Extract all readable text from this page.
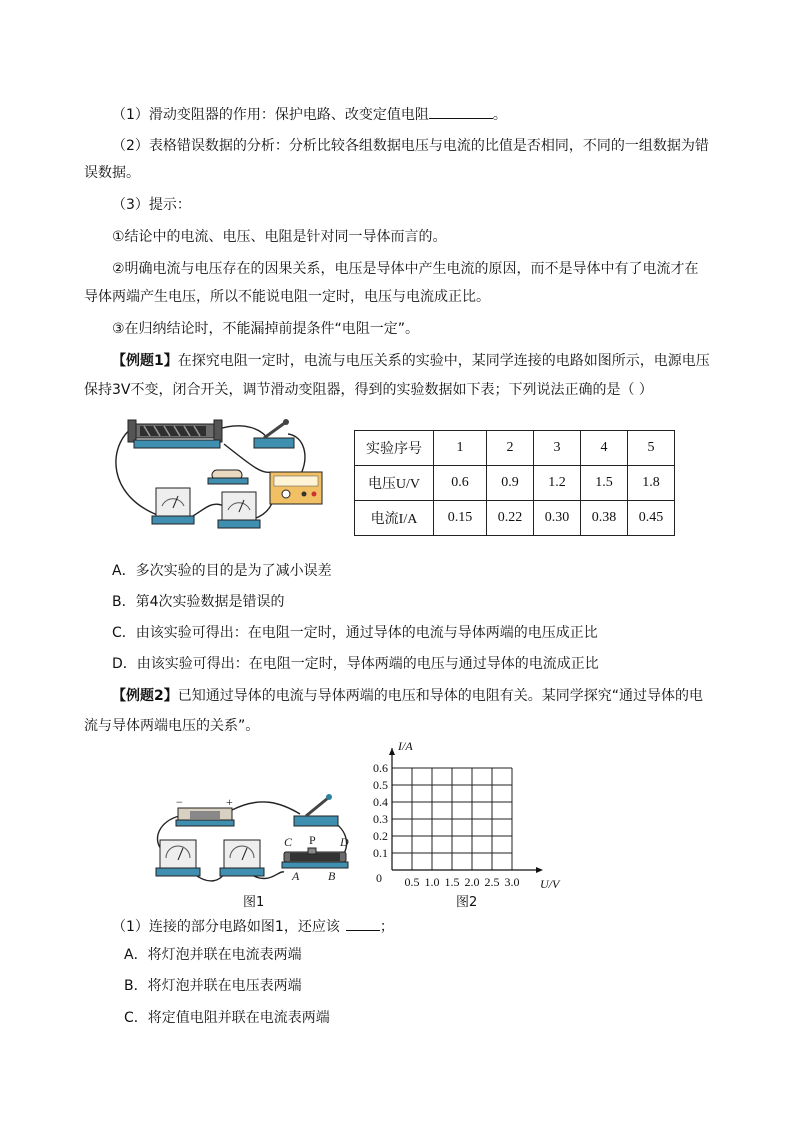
（1）滑动变阻器的作用：保护电路、改变定值电阻	。
（2）表格错误数据的分析：分析比较各组数据电压与电流的比值是否相同，不同的一组数据为错
误数据。
（3）提示：
①结论中的电流、电压、电阻是针对同一导体而言的。
②明确电流与电压存在的因果关系，电压是导体中产生电流的原因，而不是导体中有了电流才在
导体两端产生电压，所以不能说电阻一定时，电压与电流成正比。
③在归纳结论时，不能漏掉前提条件“电阻一定”。
【例题1】在探究电阻一定时，电流与电压关系的实验中，某同学连接的电路如图所示，电源电压
保持3V不变，闭合开关，调节滑动变阻器，得到的实验数据如下表；下列说法正确的是（ ）
实验序号	1	2	3	4	5
电压U/V	0.6	0.9	1.2	1.5	1.8
电流I/A	0.15	0.22	0.30	0.38	0.45
A．多次实验的目的是为了减小误差
B．第4次实验数据是错误的
C．由该实验可得出：在电阻一定时，通过导体的电流与导体两端的电压成正比
D．由该实验可得出：在电阻一定时，导体两端的电压与通过导体的电流成正比
【例题2】已知通过导体的电流与导体两端的电压和导体的电阻有关。某同学探究“通过导体的电
流与导体两端电压的关系”。
−	+
C P D
A B
图1
0.5 1.0 1.5 2.0 2.5 3.0
0.1
0.2
0.3
0.4
0.5
0.6
0	U/V
I/A
图2
（1）连接的部分电路如图1，还应该	；
A．将灯泡并联在电流表两端
B．将灯泡并联在电压表两端
C．将定值电阻并联在电流表两端
